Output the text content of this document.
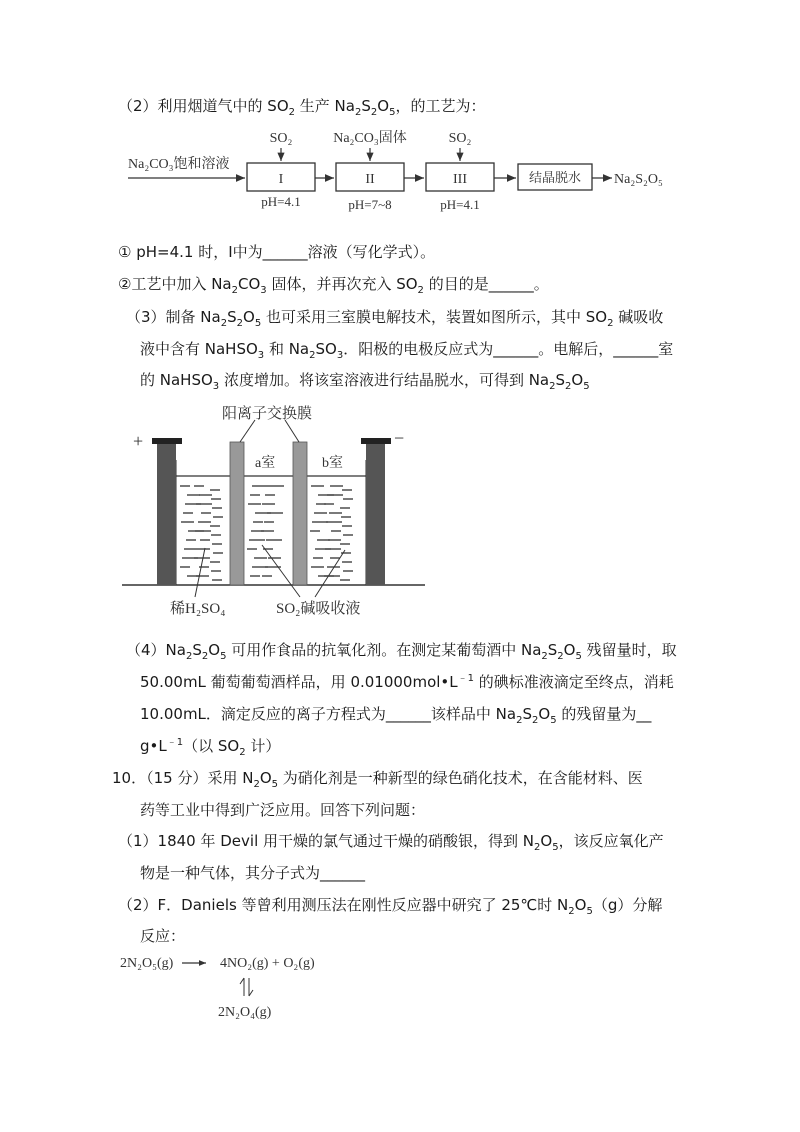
（2）利用烟道气中的 $SO_2$ 生产 $Na_2S_2O_5$，的工艺为：
Na₂CO₃饱和溶液
I	II	III	结晶脱水 Na₂S₂O₅
SO₂	Na₂CO₃固体	SO₂
pH=4.1	pH=7~8	pH=4.1
① pH=4.1 时，I中为______溶液（写化学式）。
②工艺中加入 $Na_2CO_3$ 固体，并再次充入 $SO_2$ 的目的是______。
（3）制备 $Na_2S_2O_5$ 也可采用三室膜电解技术，装置如图所示，其中 $SO_2$ 碱吸收
液中含有 NaHSO$_3$ 和 $Na_2SO_3$．阳极的电极反应式为______。电解后，______室
的 NaHSO$_3$ 浓度增加。将该室溶液进行结晶脱水，可得到 $Na_2S_2O_5$
+	−
阳离子交换膜
a室	b室
稀H₂SO₄	SO₂碱吸收液
$(4)Na_2S_2O_5$ 可用作食品的抗氧化剂。在测定某葡萄酒中 $Na_2S_2O_5$ 残留量时，取
50.00mL 葡萄葡萄酒样品，用 $0.01000mol•L^{﹣1}$ 的碘标准液滴定至终点，消耗
10.00mL．滴定反应的离子方程式为______该样品中 $Na_2S_2O_5$ 的残留量为__
$g•L^{﹣1}$（以 $SO_2$ 计）
10．（15 分）采用 $N_2O_5$ 为硝化剂是一种新型的绿色硝化技术，在含能材料、医
药等工业中得到广泛应用。回答下列问题：
（1）1840 年 Devil 用干燥的氯气通过干燥的硝酸银，得到 $N_2O_5$，该反应氧化产
物是一种气体，其分子式为______
（2）F．Daniels 等曾利用测压法在刚性反应器中研究了 25℃时 $N_2O_5(g)$分解
反应：
2N₂O₅(g)	4NO₂(g) + O₂(g)
2N₂O₄(g)
